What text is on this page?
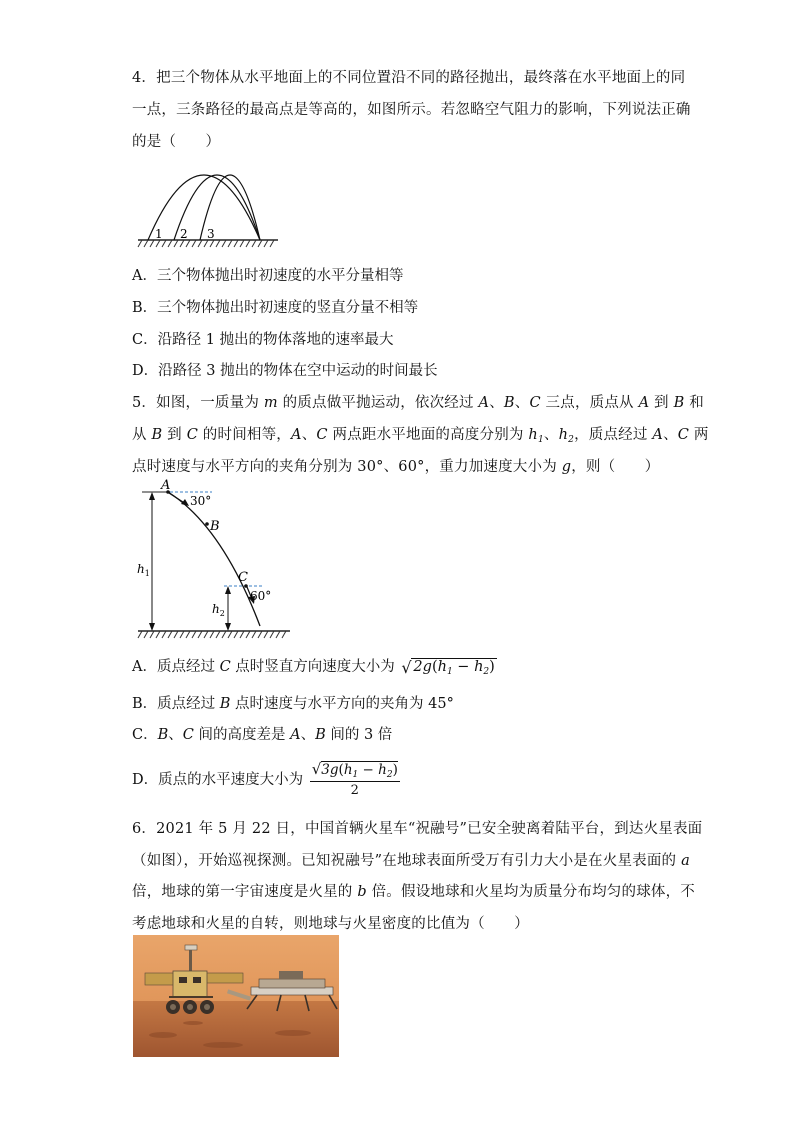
4．把三个物体从水平地面上的不同位置沿不同的路径抛出，最终落在水平地面上的同
一点，三条路径的最高点是等高的，如图所示。若忽略空气阻力的影响，下列说法正确
的是（　　）
1 2 3
A．三个物体抛出时初速度的水平分量相等
B．三个物体抛出时初速度的竖直分量不相等
C．沿路径 1 抛出的物体落地的速率最大
D．沿路径 3 抛出的物体在空中运动的时间最长
5．如图，一质量为 m 的质点做平抛运动，依次经过 A、B、C 三点，质点从 A 到 B 和
从 B 到 C 的时间相等，A、C 两点距水平地面的高度分别为 $h_1$、$h_2$，质点经过 A、C 两
点时速度与水平方向的夹角分别为 30°、60°，重力加速度大小为 g，则（　　）
A
30°
B
C
60°
$h_1$
$h_2$
A．质点经过 C 点时竖直方向速度大小为 √ $2g(h_1 - h_2)$
B．质点经过 B 点时速度与水平方向的夹角为 45°
C．B、C 间的高度差是 A、B 间的 3 倍
D．质点的水平速度大小为 $\frac{√3g(h_1 - h_2)}{2}$
6．2021 年 5 月 22 日，中国首辆火星车“祝融号”已安全驶离着陆平台，到达火星表面
（如图），开始巡视探测。已知祝融号”在地球表面所受万有引力大小是在火星表面的 a
倍，地球的第一宇宙速度是火星的 b 倍。假设地球和火星均为质量分布均匀的球体，不
考虑地球和火星的自转，则地球与火星密度的比值为（　　）
